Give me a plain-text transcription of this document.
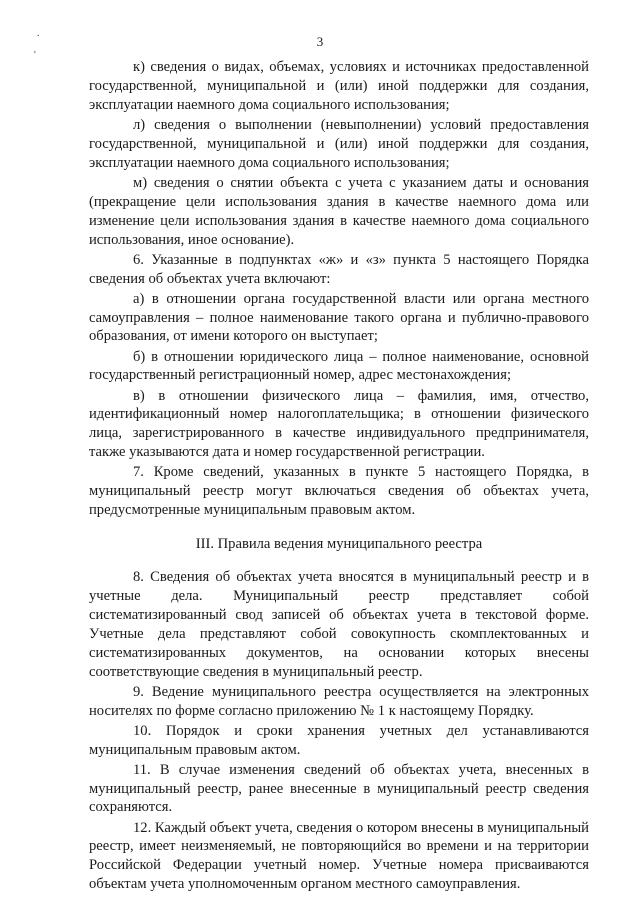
3
.
'

к) сведения о видах, объемах, условиях и источниках предоставленной государственной, муниципальной и (или) иной поддержки для создания, эксплуатации наемного дома социального использования;

л) сведения о выполнении (невыполнении) условий предоставления государственной, муниципальной и (или) иной поддержки для создания, эксплуатации наемного дома социального использования;

м) сведения о снятии объекта с учета с указанием даты и основания (прекращение цели использования здания в качестве наемного дома или изменение цели использования здания в качестве наемного дома социального использования, иное основание).

6. Указанные в подпунктах «ж» и «з» пункта 5 настоящего Порядка сведения об объектах учета включают:

а) в отношении органа государственной власти или органа местного самоуправления – полное наименование такого органа и публично-правового образования, от имени которого он выступает;

б) в отношении юридического лица – полное наименование, основной государственный регистрационный номер, адрес местонахождения;

в) в отношении физического лица – фамилия, имя, отчество, идентификационный номер налогоплательщика; в отношении физического лица, зарегистрированного в качестве индивидуального предпринимателя, также указываются дата и номер государственной регистрации.

7. Кроме сведений, указанных в пункте 5 настоящего Порядка, в муниципальный реестр могут включаться сведения об объектах учета, предусмотренные муниципальным правовым актом.

III. Правила ведения муниципального реестра

8. Сведения об объектах учета вносятся в муниципальный реестр и в учетные дела. Муниципальный реестр представляет собой систематизированный свод записей об объектах учета в текстовой форме. Учетные дела представляют собой совокупность скомплектованных и систематизированных документов, на основании которых внесены соответствующие сведения в муниципальный реестр.

9. Ведение муниципального реестра осуществляется на электронных носителях по форме согласно приложению № 1 к настоящему Порядку.

10. Порядок и сроки хранения учетных дел устанавливаются муниципальным правовым актом.

11. В случае изменения сведений об объектах учета, внесенных в муниципальный реестр, ранее внесенные в муниципальный реестр сведения сохраняются.

12. Каждый объект учета, сведения о котором внесены в муниципальный реестр, имеет неизменяемый, не повторяющийся во времени и на территории Российской Федерации учетный номер. Учетные номера присваиваются объектам учета уполномоченным органом местного самоуправления.
